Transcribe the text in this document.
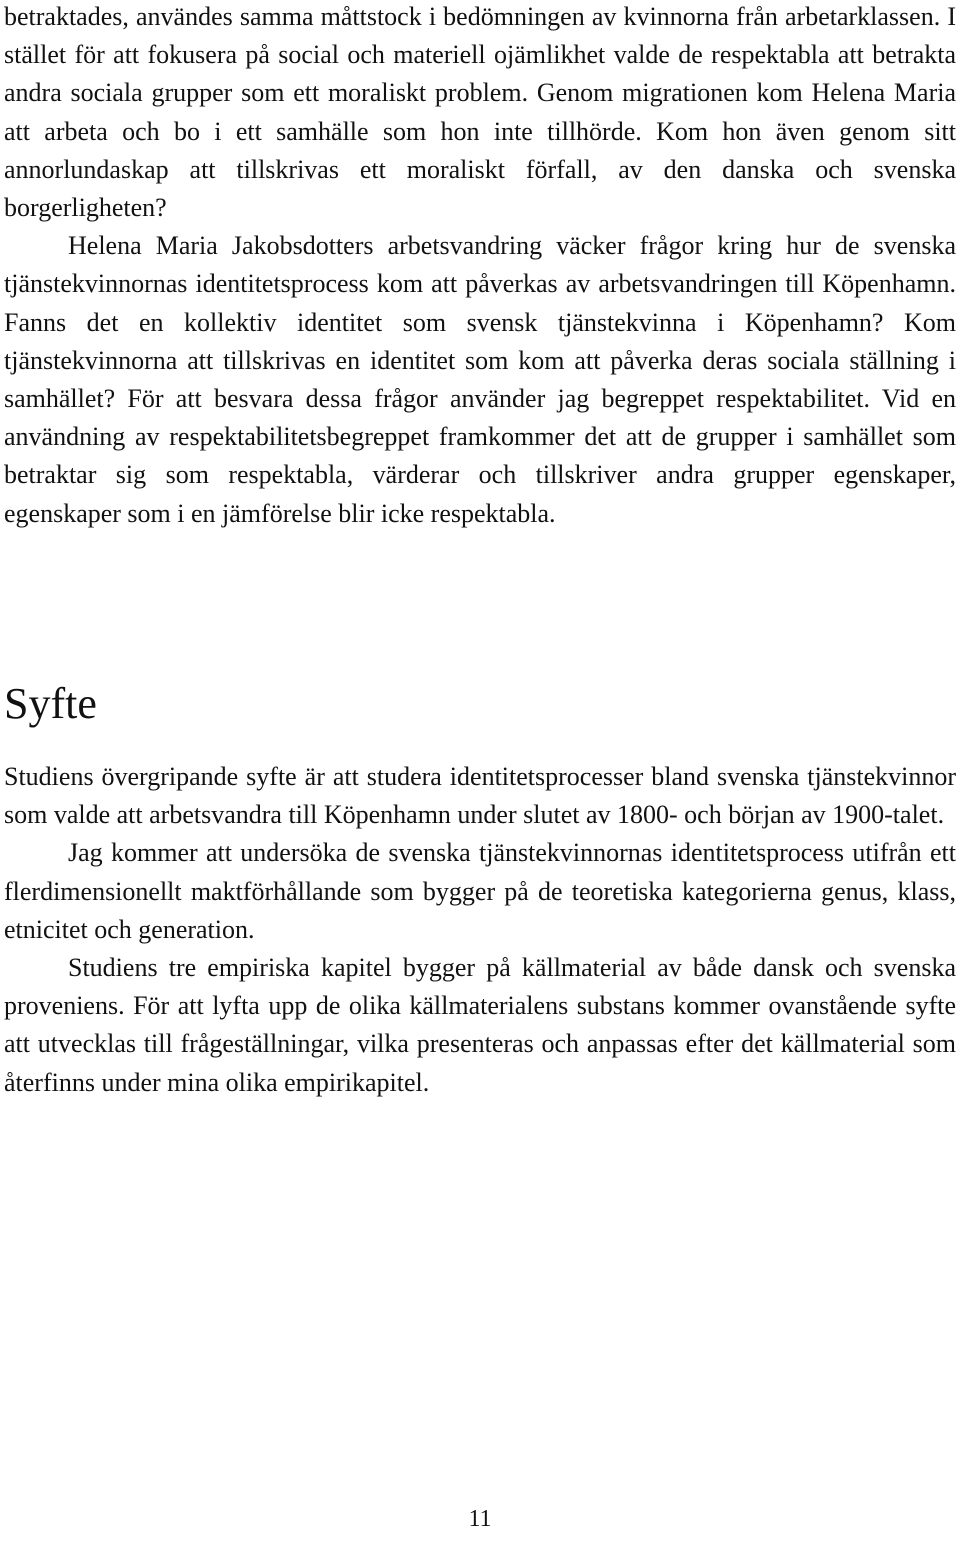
betraktades, användes samma måttstock i bedömningen av kvinnorna från arbetarklassen. I stället för att fokusera på social och materiell ojämlikhet valde de respektabla att betrakta andra sociala grupper som ett moraliskt problem. Genom migrationen kom Helena Maria att arbeta och bo i ett samhälle som hon inte tillhörde. Kom hon även genom sitt annorlundaskap att tillskrivas ett moraliskt förfall, av den danska och svenska borgerligheten?

Helena Maria Jakobsdotters arbetsvandring väcker frågor kring hur de svenska tjänstekvinnornas identitetsprocess kom att påverkas av arbetsvandringen till Köpenhamn. Fanns det en kollektiv identitet som svensk tjänstekvinna i Köpenhamn? Kom tjänstekvinnorna att tillskrivas en identitet som kom att påverka deras sociala ställning i samhället? För att besvara dessa frågor använder jag begreppet respektabilitet. Vid en användning av respektabilitetsbegreppet framkommer det att de grupper i samhället som betraktar sig som respektabla, värderar och tillskriver andra grupper egenskaper, egenskaper som i en jämförelse blir icke respektabla.

Syfte

Studiens övergripande syfte är att studera identitetsprocesser bland svenska tjänstekvinnor som valde att arbetsvandra till Köpenhamn under slutet av 1800- och början av 1900-talet.

Jag kommer att undersöka de svenska tjänstekvinnornas identitetsprocess utifrån ett flerdimensionellt maktförhållande som bygger på de teoretiska kategorierna genus, klass, etnicitet och generation.

Studiens tre empiriska kapitel bygger på källmaterial av både dansk och svenska proveniens. För att lyfta upp de olika källmaterialens substans kommer ovanstående syfte att utvecklas till frågeställningar, vilka presenteras och anpassas efter det källmaterial som återfinns under mina olika empirikapitel.

11
